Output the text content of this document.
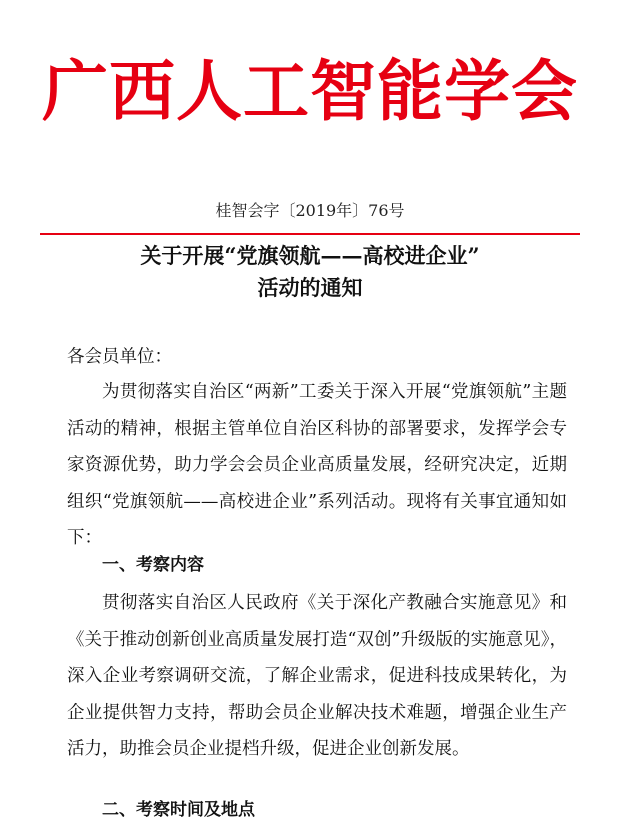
广西人工智能学会
桂智会字〔2019年〕76号
关于开展“党旗领航——高校进企业”
活动的通知

各会员单位：

为贯彻落实自治区“两新”工委关于深入开展“党旗领航”主题活动的精神，根据主管单位自治区科协的部署要求，发挥学会专家资源优势，助力学会会员企业高质量发展，经研究决定，近期组织“党旗领航——高校进企业”系列活动。现将有关事宜通知如下：

一、考察内容

贯彻落实自治区人民政府《关于深化产教融合实施意见》和《关于推动创新创业高质量发展打造“双创”升级版的实施意见》，深入企业考察调研交流，了解企业需求，促进科技成果转化，为企业提供智力支持，帮助会员企业解决技术难题，增强企业生产活力，助推会员企业提档升级，促进企业创新发展。

二、考察时间及地点
